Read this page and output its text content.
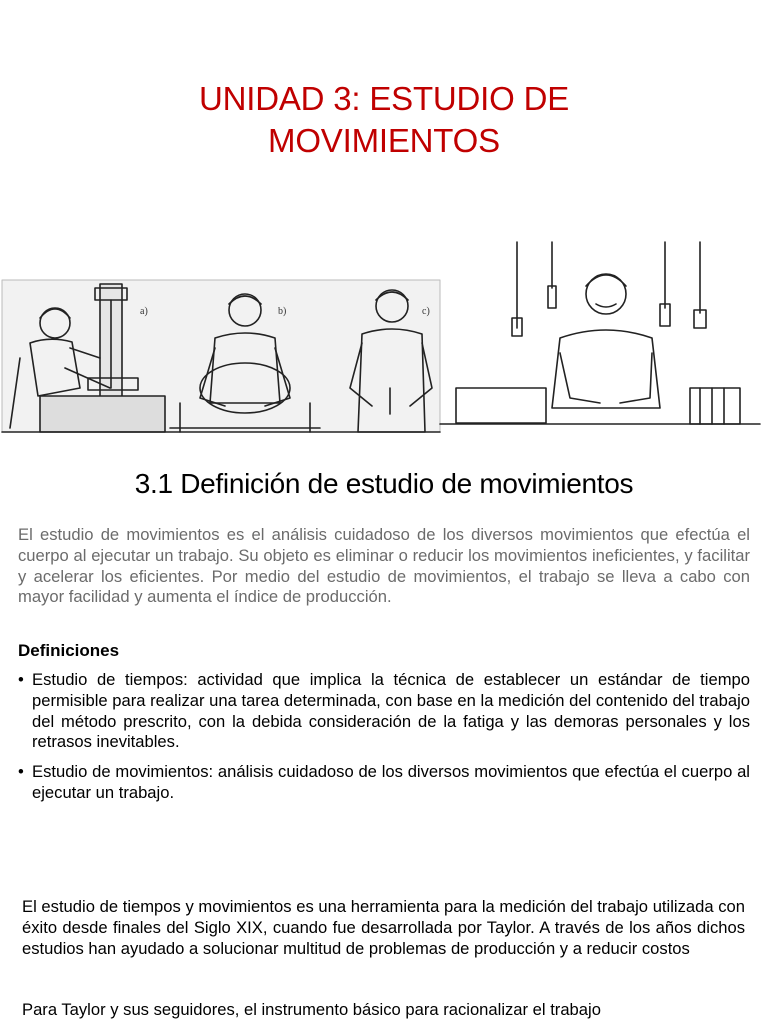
UNIDAD 3: ESTUDIO DE
MOVIMIENTOS
a)	b)	c)
3.1 Definición de estudio de movimientos
El estudio de movimientos es el análisis cuidadoso de los diversos movimientos que efectúa el cuerpo al ejecutar un trabajo. Su objeto es eliminar o reducir los movimientos ineficientes, y facilitar y acelerar los eficientes. Por medio del estudio de movimientos, el trabajo se lleva a cabo con mayor facilidad y aumenta el índice de producción.
Definiciones
• Estudio de tiempos: actividad que implica la técnica de establecer un estándar de tiempo permisible para realizar una tarea determinada, con base en la medición del contenido del trabajo del método prescrito, con la debida consideración de la fatiga y las demoras personales y los retrasos inevitables.
• Estudio de movimientos: análisis cuidadoso de los diversos movimientos que efectúa el cuerpo al ejecutar un trabajo.
El estudio de tiempos y movimientos es una herramienta para la medición del trabajo utilizada con éxito desde finales del Siglo XIX, cuando fue desarrollada por Taylor. A través de los años dichos estudios han ayudado a solucionar multitud de problemas de producción y a reducir costos
Para Taylor y sus seguidores, el instrumento básico para racionalizar el trabajo
